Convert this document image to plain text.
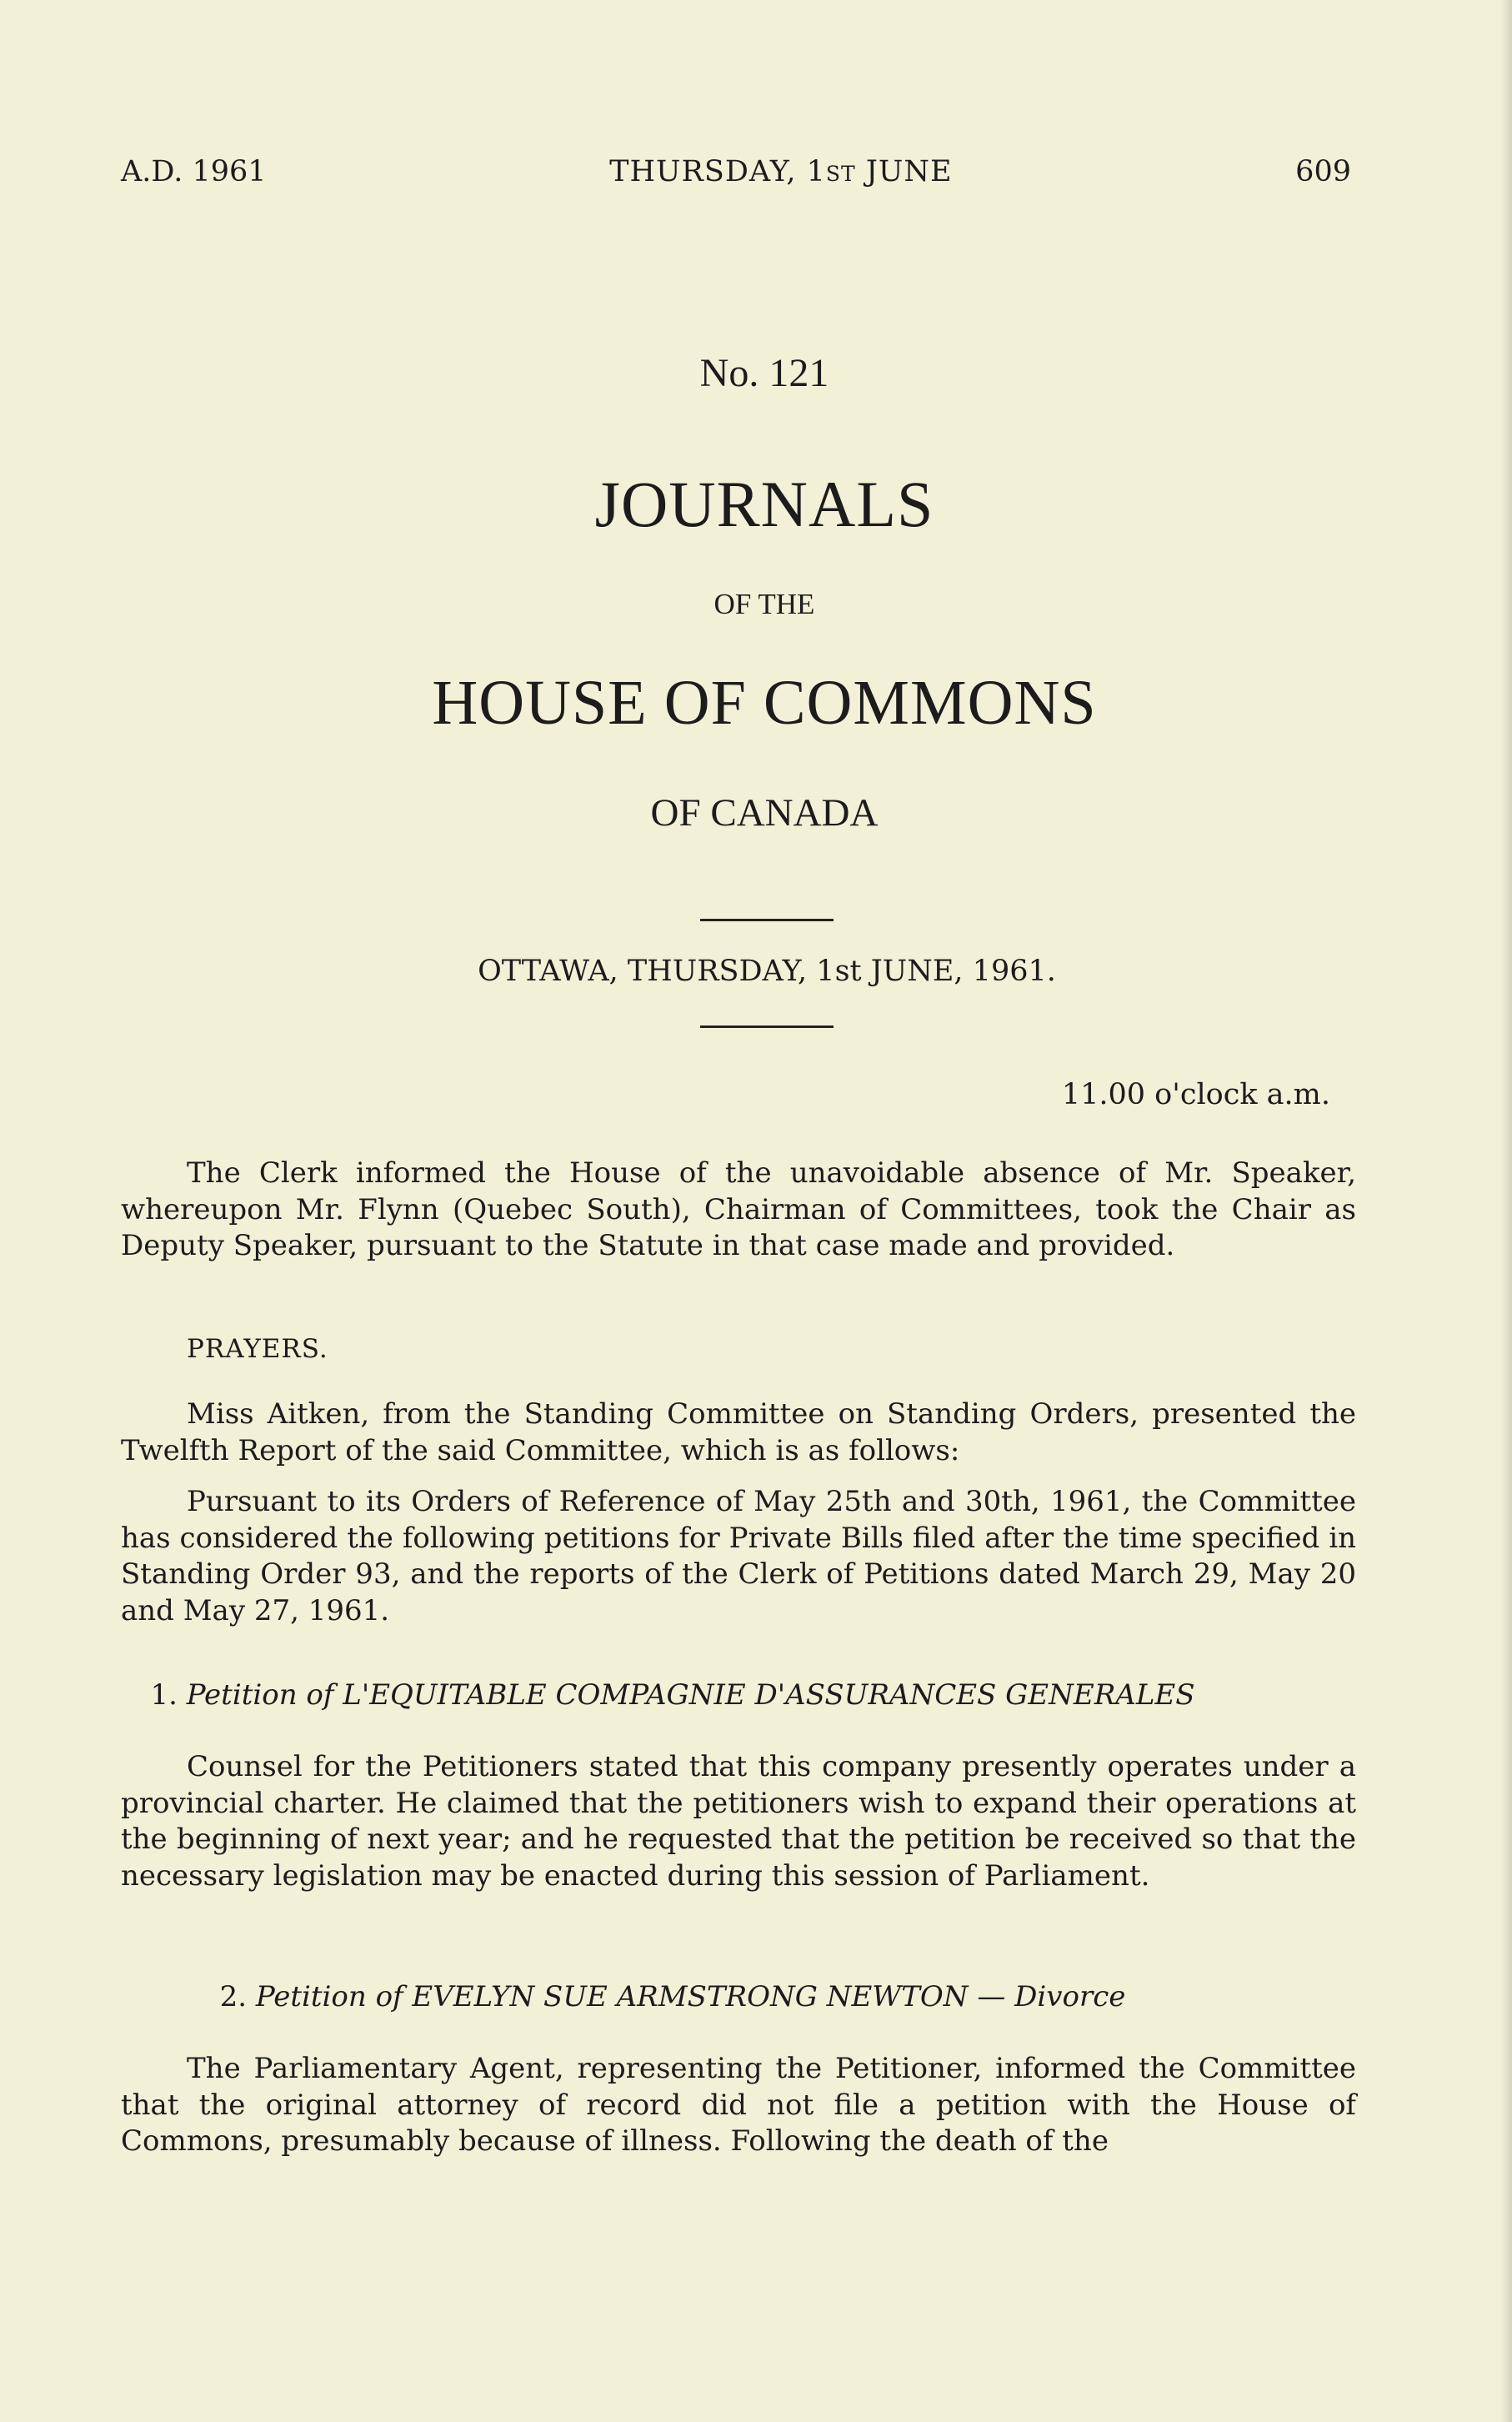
A.D. 1961	THURSDAY, 1ST JUNE	609
No. 121
JOURNALS
OF THE
HOUSE OF COMMONS
OF CANADA
OTTAWA, THURSDAY, 1st JUNE, 1961.
11.00 o'clock a.m.
The Clerk informed the House of the unavoidable absence of Mr. Speaker, whereupon Mr. Flynn (Quebec South), Chairman of Committees, took the Chair as Deputy Speaker, pursuant to the Statute in that case made and provided.
PRAYERS.
Miss Aitken, from the Standing Committee on Standing Orders, presented the Twelfth Report of the said Committee, which is as follows:
Pursuant to its Orders of Reference of May 25th and 30th, 1961, the Committee has considered the following petitions for Private Bills filed after the time specified in Standing Order 93, and the reports of the Clerk of Petitions dated March 29, May 20 and May 27, 1961.
1. Petition of L'EQUITABLE COMPAGNIE D'ASSURANCES GENERALES
Counsel for the Petitioners stated that this company presently operates under a provincial charter. He claimed that the petitioners wish to expand their operations at the beginning of next year; and he requested that the petition be received so that the necessary legislation may be enacted during this session of Parliament.
2. Petition of EVELYN SUE ARMSTRONG NEWTON — Divorce
The Parliamentary Agent, representing the Petitioner, informed the Committee that the original attorney of record did not file a petition with the House of Commons, presumably because of illness. Following the death of the
